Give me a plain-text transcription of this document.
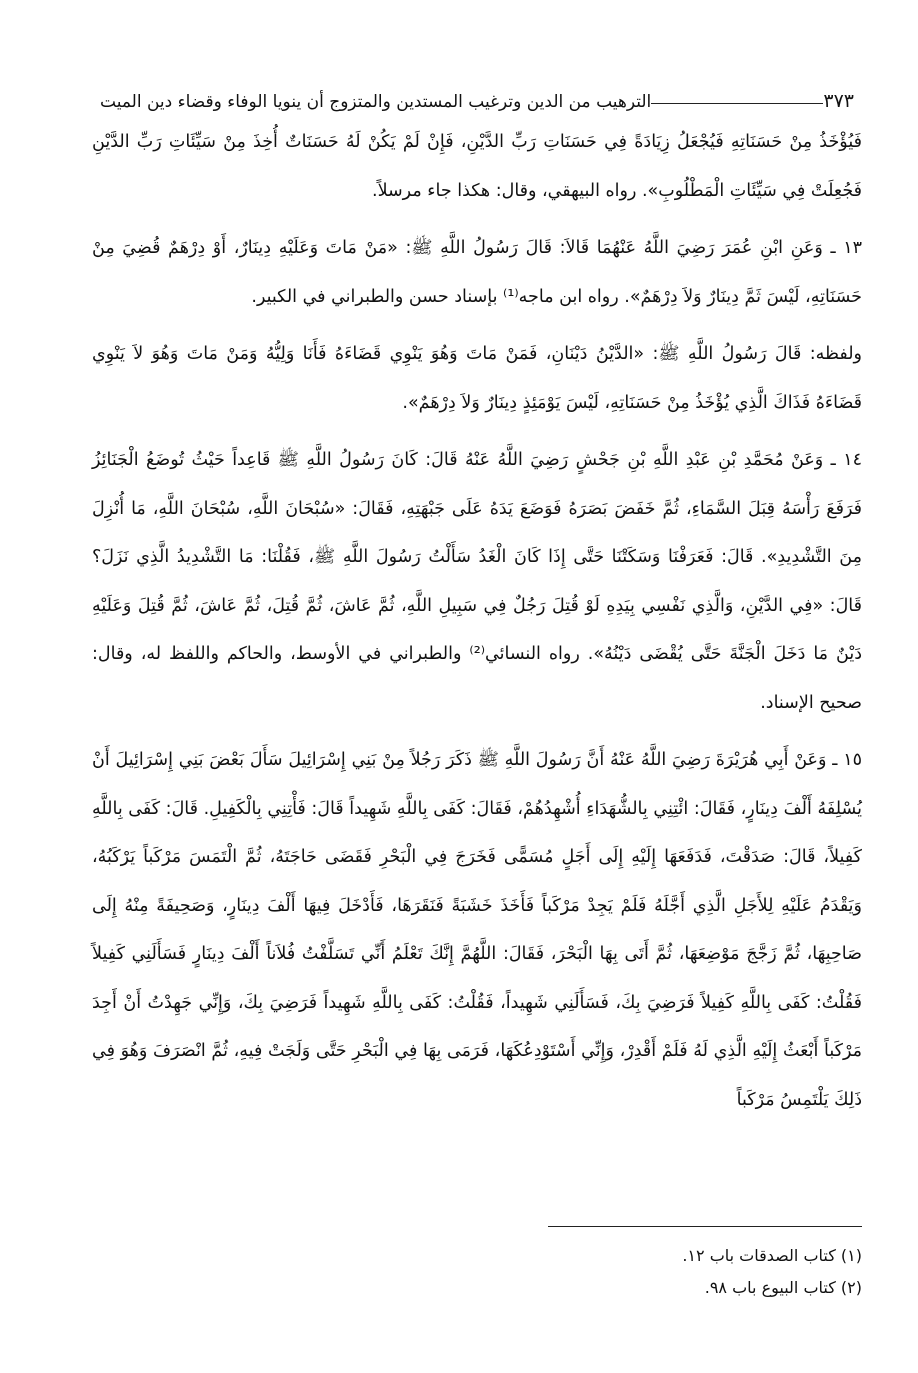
٣٧٣
الترهيب من الدين وترغيب المستدين والمتزوج أن ينويا الوفاء وقضاء دين الميت

فَيُؤْخَذُ مِنْ حَسَنَاتِهِ فَيُجْعَلُ زِيَادَةً فِي حَسَنَاتِ رَبِّ الدَّيْنِ، فَإِنْ لَمْ يَكُنْ لَهُ حَسَنَاتٌ أُخِذَ مِنْ سَيِّئَاتِ رَبِّ الدَّيْنِ فَجُعِلَتْ فِي سَيِّئَاتِ الْمَطْلُوبِ». رواه البيهقي، وقال: هكذا جاء مرسلاً.

١٣ ـ وَعَنِ ابْنِ عُمَرَ رَضِيَ اللَّهُ عَنْهُمَا قَالاَ: قَالَ رَسُولُ اللَّهِ ﷺ: «مَنْ مَاتَ وَعَلَيْهِ دِينَارٌ، أَوْ دِرْهَمٌ قُضِيَ مِنْ حَسَنَاتِهِ، لَيْسَ ثَمَّ دِينَارٌ وَلاَ دِرْهَمٌ». رواه ابن ماجه⁽¹⁾ بإسناد حسن والطبراني في الكبير.

ولفظه: قَالَ رَسُولُ اللَّهِ ﷺ: «الدَّيْنُ دَيْنَانِ، فَمَنْ مَاتَ وَهُوَ يَنْوِي قَضَاءَهُ فَأَنَا وَلِيُّهُ وَمَنْ مَاتَ وَهُوَ لاَ يَنْوِي قَضَاءَهُ فَذَاكَ الَّذِي يُؤْخَذُ مِنْ حَسَنَاتِهِ، لَيْسَ يَوْمَئِذٍ دِينَارٌ وَلاَ دِرْهَمٌ».

١٤ ـ وَعَنْ مُحَمَّدِ بْنِ عَبْدِ اللَّهِ بْنِ جَحْشٍ رَضِيَ اللَّهُ عَنْهُ قَالَ: كَانَ رَسُولُ اللَّهِ ﷺ قَاعِداً حَيْثُ تُوضَعُ الْجَنَائِزُ فَرَفَعَ رَأْسَهُ قِبَلَ السَّمَاءِ، ثُمَّ خَفَضَ بَصَرَهُ فَوَضَعَ يَدَهُ عَلَى جَبْهَتِهِ، فَقَالَ: «سُبْحَانَ اللَّهِ، سُبْحَانَ اللَّهِ، مَا أُنْزِلَ مِنَ التَّشْدِيدِ». قَالَ: فَعَرَفْنَا وَسَكَتْنَا حَتَّى إِذَا كَانَ الْغَدُ سَأَلْتُ رَسُولَ اللَّهِ ﷺ، فَقُلْنَا: مَا التَّشْدِيدُ الَّذِي نَزَلَ؟ قَالَ: «فِي الدَّيْنِ، وَالَّذِي نَفْسِي بِيَدِهِ لَوْ قُتِلَ رَجُلٌ فِي سَبِيلِ اللَّهِ، ثُمَّ عَاشَ، ثُمَّ قُتِلَ، ثُمَّ عَاشَ، ثُمَّ قُتِلَ وَعَلَيْهِ دَيْنٌ مَا دَخَلَ الْجَنَّةَ حَتَّى يُقْضَى دَيْنُهُ». رواه النسائي⁽²⁾ والطبراني في الأوسط، والحاكم واللفظ له، وقال: صحيح الإسناد.

١٥ ـ وَعَنْ أَبِي هُرَيْرَةَ رَضِيَ اللَّهُ عَنْهُ أَنَّ رَسُولَ اللَّهِ ﷺ ذَكَرَ رَجُلاً مِنْ بَنِي إِسْرَائِيلَ سَأَلَ بَعْضَ بَنِي إِسْرَائِيلَ أَنْ يُسْلِفَهُ أَلْفَ دِينَارٍ، فَقَالَ: ائْتِنِي بِالشُّهَدَاءِ أُشْهِدُهُمْ، فَقَالَ: كَفَى بِاللَّهِ شَهِيداً قَالَ: فَأْتِنِي بِالْكَفِيلِ. قَالَ: كَفَى بِاللَّهِ كَفِيلاً، قَالَ: صَدَقْتَ، فَدَفَعَهَا إِلَيْهِ إِلَى أَجَلٍ مُسَمًّى فَخَرَجَ فِي الْبَحْرِ فَقَضَى حَاجَتَهُ، ثُمَّ الْتَمَسَ مَرْكَباً يَرْكَبُهُ، وَيَقْدَمُ عَلَيْهِ لِلأَجَلِ الَّذِي أَجَّلَهُ فَلَمْ يَجِدْ مَرْكَباً فَأَخَذَ خَشَبَةً فَنَقَرَهَا، فَأَدْخَلَ فِيهَا أَلْفَ دِينَارٍ، وَصَحِيفَةً مِنْهُ إِلَى صَاحِبِهَا، ثُمَّ زَجَّجَ مَوْضِعَهَا، ثُمَّ أَتَى بِهَا الْبَحْرَ، فَقَالَ: اللَّهُمَّ إِنَّكَ تَعْلَمُ أَنِّي تَسَلَّفْتُ فُلاَناً أَلْفَ دِينَارٍ فَسَأَلَنِي كَفِيلاً فَقُلْتُ: كَفَى بِاللَّهِ كَفِيلاً فَرَضِيَ بِكَ، فَسَأَلَنِي شَهِيداً، فَقُلْتُ: كَفَى بِاللَّهِ شَهِيداً فَرَضِيَ بِكَ، وَإِنِّي جَهِدْتُ أَنْ أَجِدَ مَرْكَباً أَبْعَثُ إِلَيْهِ الَّذِي لَهُ فَلَمْ أَقْدِرْ، وَإِنِّي أَسْتَوْدِعُكَهَا، فَرَمَى بِهَا فِي الْبَحْرِ حَتَّى وَلَجَتْ فِيهِ، ثُمَّ انْصَرَفَ وَهُوَ فِي ذَلِكَ يَلْتَمِسُ مَرْكَباً

(١) كتاب الصدقات باب ١٢.

(٢) كتاب البيوع باب ٩٨.
